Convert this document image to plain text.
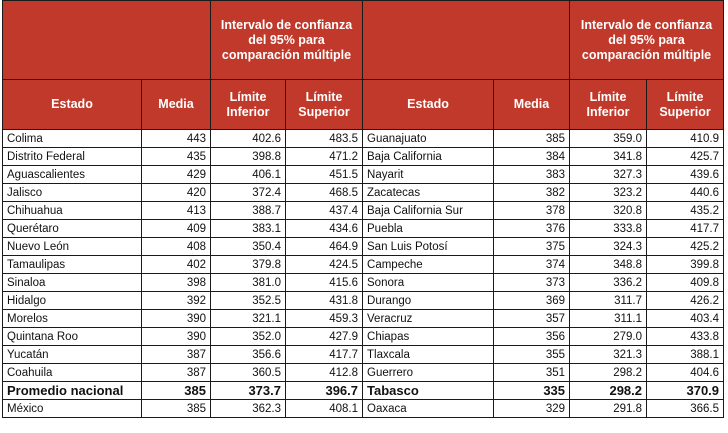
		Intervalo de confianza del 95% para comparación múltiple				Intervalo de confianza del 95% para comparación múltiple	
Estado	Media	Límite Inferior	Límite Superior	Estado	Media	Límite Inferior	Límite Superior
Colima	443	402.6	483.5	Guanajuato	385	359.0	410.9
Distrito Federal	435	398.8	471.2	Baja California	384	341.8	425.7
Aguascalientes	429	406.1	451.5	Nayarit	383	327.3	439.6
Jalisco	420	372.4	468.5	Zacatecas	382	323.2	440.6
Chihuahua	413	388.7	437.4	Baja California Sur	378	320.8	435.2
Querétaro	409	383.1	434.6	Puebla	376	333.8	417.7
Nuevo León	408	350.4	464.9	San Luis Potosí	375	324.3	425.2
Tamaulipas	402	379.8	424.5	Campeche	374	348.8	399.8
Sinaloa	398	381.0	415.6	Sonora	373	336.2	409.8
Hidalgo	392	352.5	431.8	Durango	369	311.7	426.2
Morelos	390	321.1	459.3	Veracruz	357	311.1	403.4
Quintana Roo	390	352.0	427.9	Chiapas	356	279.0	433.8
Yucatán	387	356.6	417.7	Tlaxcala	355	321.3	388.1
Coahuila	387	360.5	412.8	Guerrero	351	298.2	404.6
Promedio nacional	385	373.7	396.7	Tabasco	335	298.2	370.9
México	385	362.3	408.1	Oaxaca	329	291.8	366.5
